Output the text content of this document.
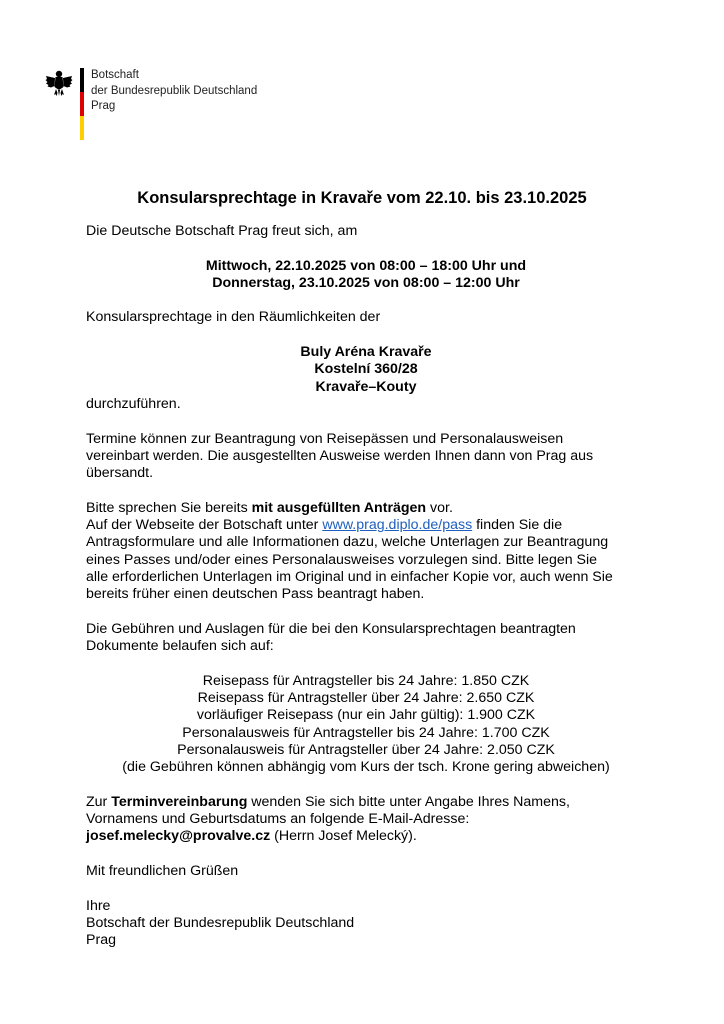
Botschaft
der Bundesrepublik Deutschland
Prag
Konsularsprechtage in Kravaře vom 22.10. bis 23.10.2025

Die Deutsche Botschaft Prag freut sich, am

Mittwoch, 22.10.2025 von 08:00 – 18:00 Uhr und

Donnerstag, 23.10.2025 von 08:00 – 12:00 Uhr

Konsularsprechtage in den Räumlichkeiten der

Buly Aréna Kravaře

Kostelní 360/28

Kravaře–Kouty

durchzuführen.

Termine können zur Beantragung von Reisepässen und Personalausweisen

vereinbart werden. Die ausgestellten Ausweise werden Ihnen dann von Prag aus

übersandt.

Bitte sprechen Sie bereits mit ausgefüllten Anträgen vor.

Auf der Webseite der Botschaft unter www.prag.diplo.de/pass finden Sie die

Antragsformulare und alle Informationen dazu, welche Unterlagen zur Beantragung

eines Passes und/oder eines Personalausweises vorzulegen sind. Bitte legen Sie

alle erforderlichen Unterlagen im Original und in einfacher Kopie vor, auch wenn Sie

bereits früher einen deutschen Pass beantragt haben.

Die Gebühren und Auslagen für die bei den Konsularsprechtagen beantragten

Dokumente belaufen sich auf:

Reisepass für Antragsteller bis 24 Jahre: 1.850 CZK

Reisepass für Antragsteller über 24 Jahre: 2.650 CZK

vorläufiger Reisepass (nur ein Jahr gültig): 1.900 CZK

Personalausweis für Antragsteller bis 24 Jahre: 1.700 CZK

Personalausweis für Antragsteller über 24 Jahre: 2.050 CZK

(die Gebühren können abhängig vom Kurs der tsch. Krone gering abweichen)

Zur Terminvereinbarung wenden Sie sich bitte unter Angabe Ihres Namens,

Vornamens und Geburtsdatums an folgende E-Mail-Adresse:

josef.melecky@provalve.cz (Herrn Josef Melecký).

Mit freundlichen Grüßen

Ihre

Botschaft der Bundesrepublik Deutschland

Prag
